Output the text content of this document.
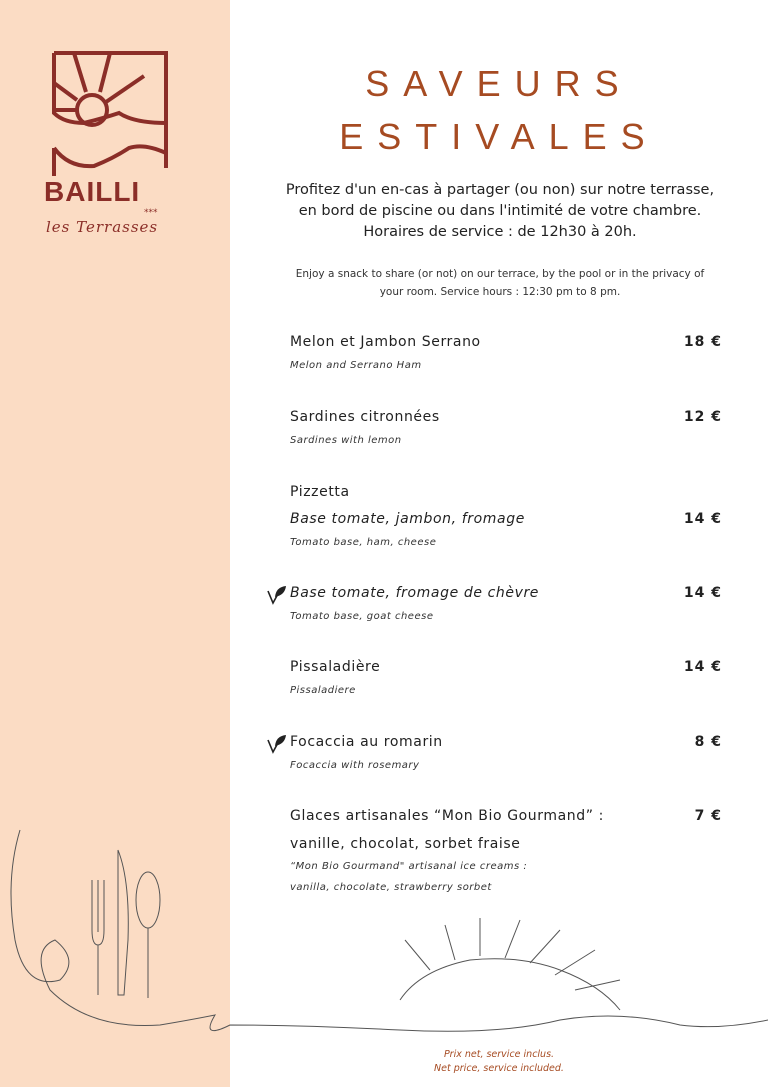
BAILLI
***
les Terrasses
SAVEURS
ESTIVALES
Profitez d'un en-cas à partager (ou non) sur notre terrasse,
en bord de piscine ou dans l'intimité de votre chambre.
Horaires de service : de 12h30 à 20h.
Enjoy a snack to share (or not) on our terrace, by the pool or in the privacy of
your room. Service hours : 12:30 pm to 8 pm.
Melon et Jambon Serrano	18 €
Melon and Serrano Ham
Sardines citronnées	12 €
Sardines with lemon
Pizzetta
Base tomate, jambon, fromage	14 €
Tomato base, ham, cheese
Base tomate, fromage de chèvre	14 €
Tomato base, goat cheese
Pissaladière	14 €
Pissaladiere
Focaccia au romarin	8 €
Focaccia with rosemary
Glaces artisanales “Mon Bio Gourmand” :	7 €
vanille, chocolat, sorbet fraise
“Mon Bio Gourmand" artisanal ice creams :
vanilla, chocolate, strawberry sorbet
Prix net, service inclus.
Net price, service included.
